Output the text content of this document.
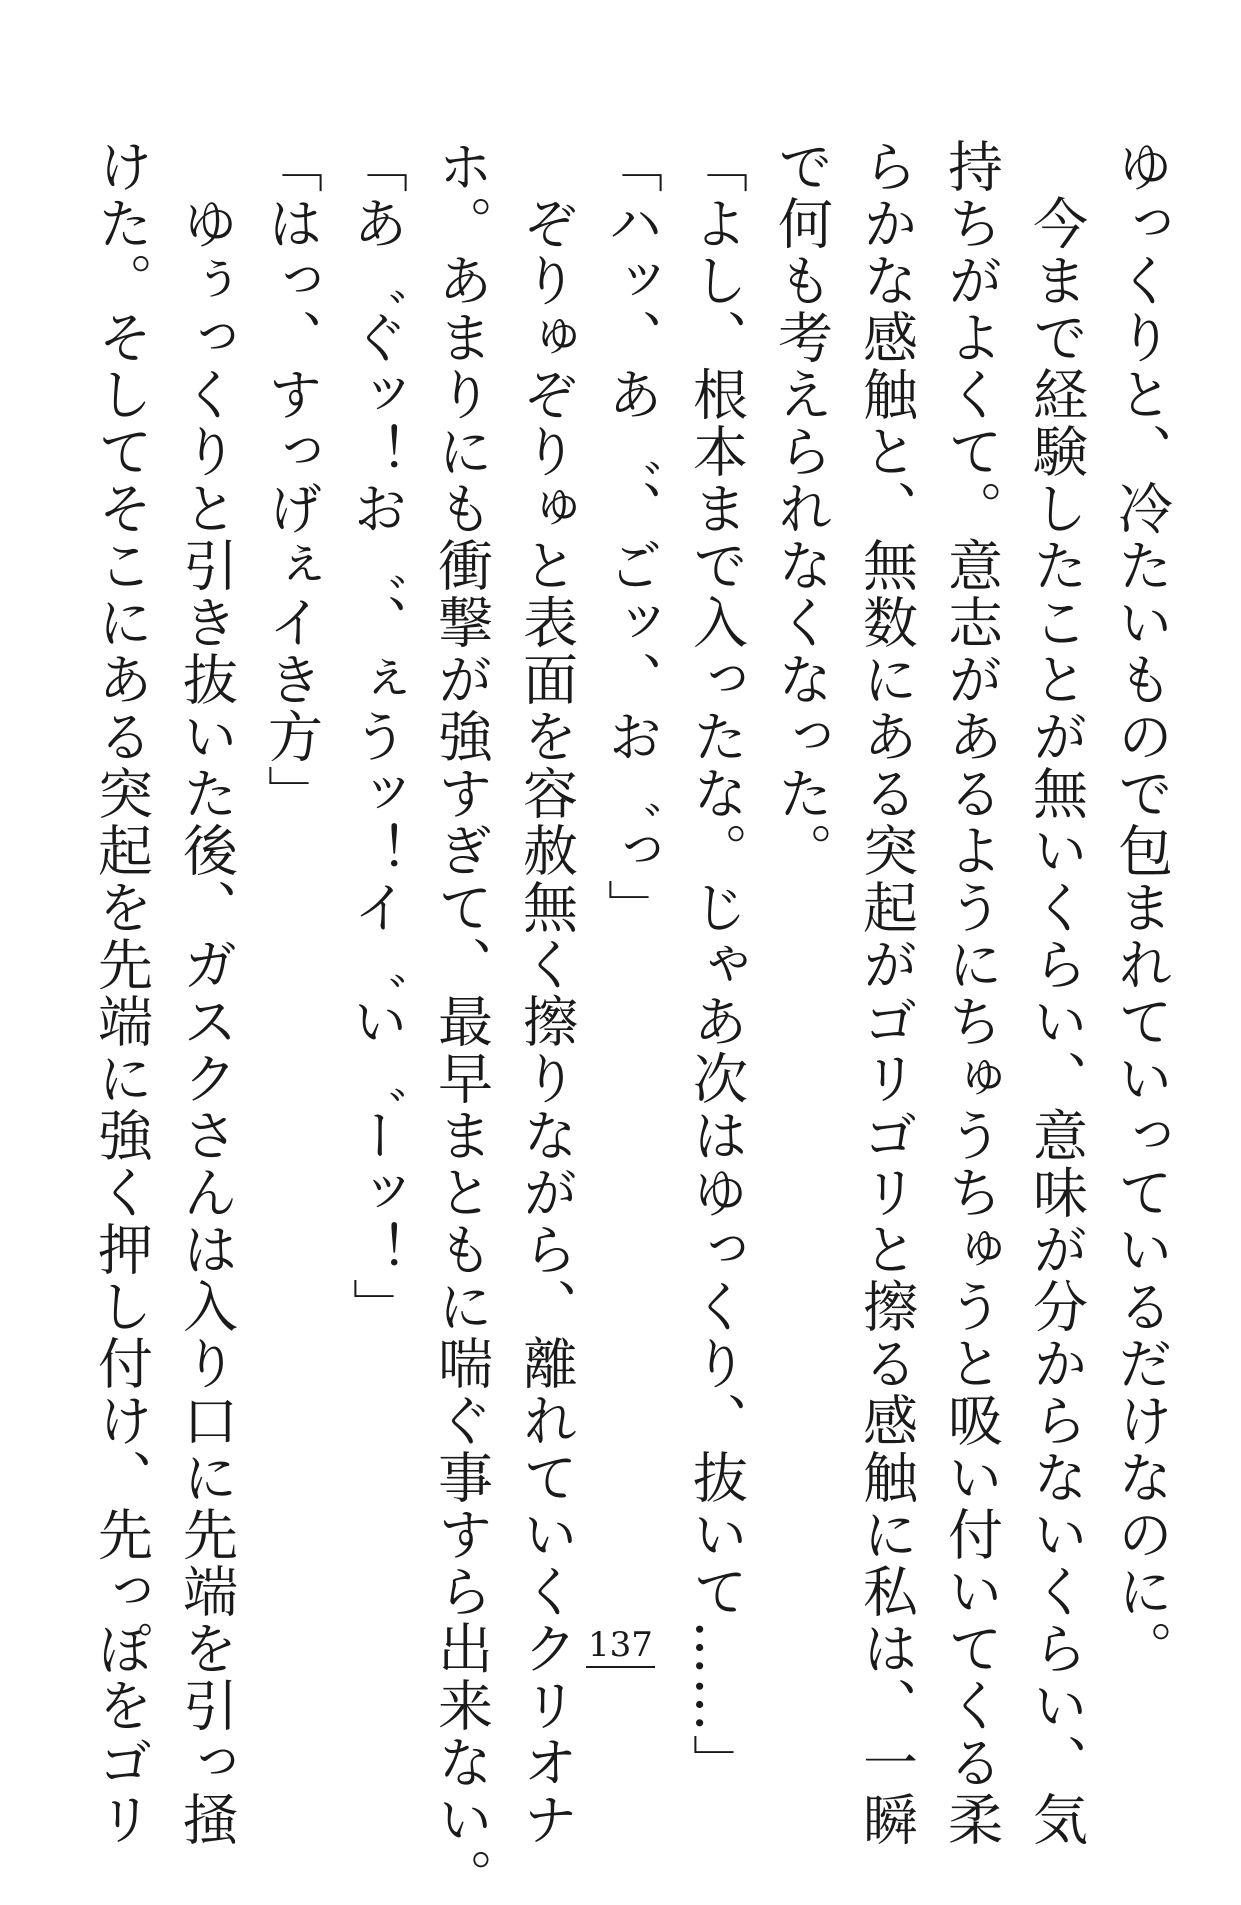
ゆっくりと、冷たいもので包まれていっているだけなのに。
　今まで経験したことが無いくらい、意味が分からないくらい、気
持ちがよくて。意志があるようにちゅうちゅうと吸い付いてくる柔
らかな感触と、無数にある突起がゴリゴリと擦る感触に私は、一瞬
で何も考えられなくなった。
「よし、根本まで入ったな。じゃあ次はゆっくり、抜いて……」
「ハッ、あ゛、ごッ、お゛っ」
　ぞりゅぞりゅと表面を容赦無く擦りながら、離れていくクリオナ
ホ。あまりにも衝撃が強すぎて、最早まともに喘ぐ事すら出来ない。
「あ゛ぐッ！お゛、ぇうッ！イ゛い゛ーッ！」
「はっ、すっげぇイき方」
　ゆぅっくりと引き抜いた後、ガスクさんは入り口に先端を引っ掻
けた。そしてそこにある突起を先端に強く押し付け、先っぽをゴリ	137
